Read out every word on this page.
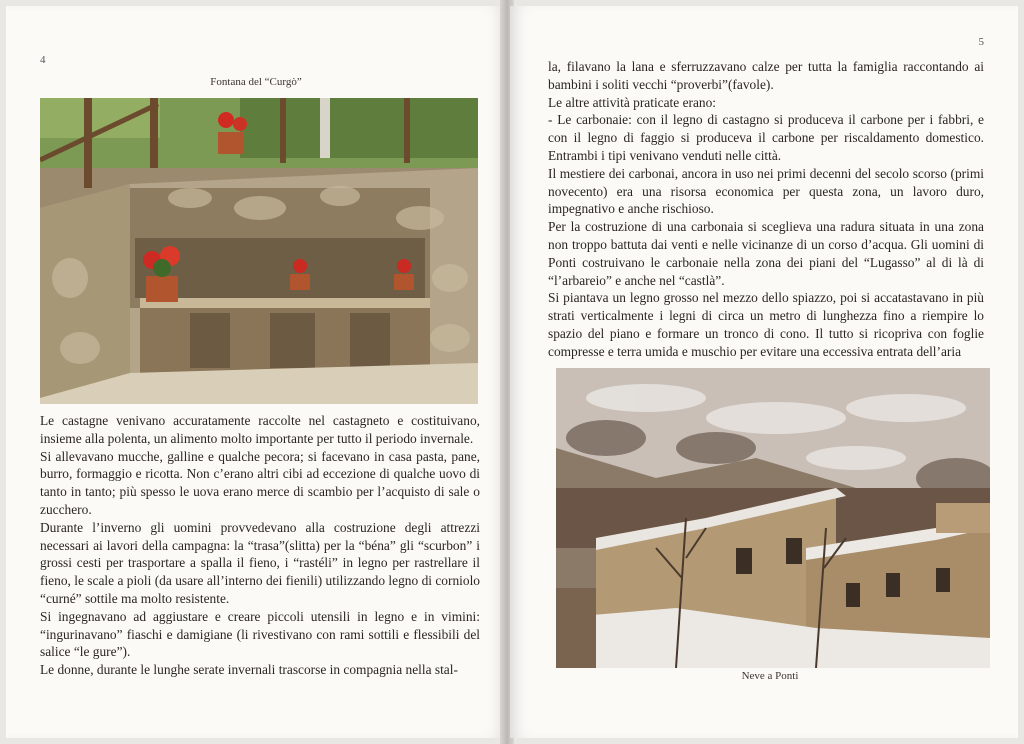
4
Fontana del “Curgò”

Le castagne venivano accuratamente raccolte nel castagneto e costituivano, insieme alla polenta, un alimento molto importante per tutto il periodo invernale.

Si allevavano mucche, galline e qualche pecora; si facevano in casa pasta, pane, burro, formaggio e ricotta. Non c’erano altri cibi ad eccezione di qualche uovo di tanto in tanto; più spesso le uova erano merce di scambio per l’acquisto di sale o zucchero.

Durante l’inverno gli uomini provvedevano alla costruzione degli attrezzi necessari ai lavori della campagna: la “trasa”(slitta) per la “béna” gli “scurbon” i grossi cesti per trasportare a spalla il fieno, i “rastéli” in legno per rastrellare il fieno, le scale a pioli (da usare all’interno dei fienili) utilizzando legno di corniolo “curné” sottile ma molto resistente.

Si ingegnavano ad aggiustare e creare piccoli utensili in legno e in vimini: “ingurinavano” fiaschi e damigiane (li rivestivano con rami sottili e flessibili del salice “le gure”).

Le donne, durante le lunghe serate invernali trascorse in compagnia nella stal-

5

la, filavano la lana e sferruzzavano calze per tutta la famiglia raccontando ai bambini i soliti vecchi “proverbi”(favole).

Le altre attività praticate erano:

- Le carbonaie: con il legno di castagno si produceva il carbone per i fabbri, e con il legno di faggio si produceva il carbone per riscaldamento domestico. Entrambi i tipi venivano venduti nelle città.

Il mestiere dei carbonai, ancora in uso nei primi decenni del secolo scorso (primi novecento) era una risorsa economica per questa zona, un lavoro duro, impegnativo e anche rischioso.

Per la costruzione di una carbonaia si sceglieva una radura situata in una zona non troppo battuta dai venti e nelle vicinanze di un corso d’acqua. Gli uomini di Ponti costruivano le carbonaie nella zona dei piani del “Lugasso” al di là di “l’arbareio” e anche nel “castlà”.

Si piantava un legno grosso nel mezzo dello spiazzo, poi si accatastavano in più strati verticalmente i legni di circa un metro di lunghezza fino a riempire lo spazio del piano e formare un tronco di cono. Il tutto si ricopriva con foglie compresse e terra umida e muschio per evitare una eccessiva entrata dell’aria

Neve a Ponti
